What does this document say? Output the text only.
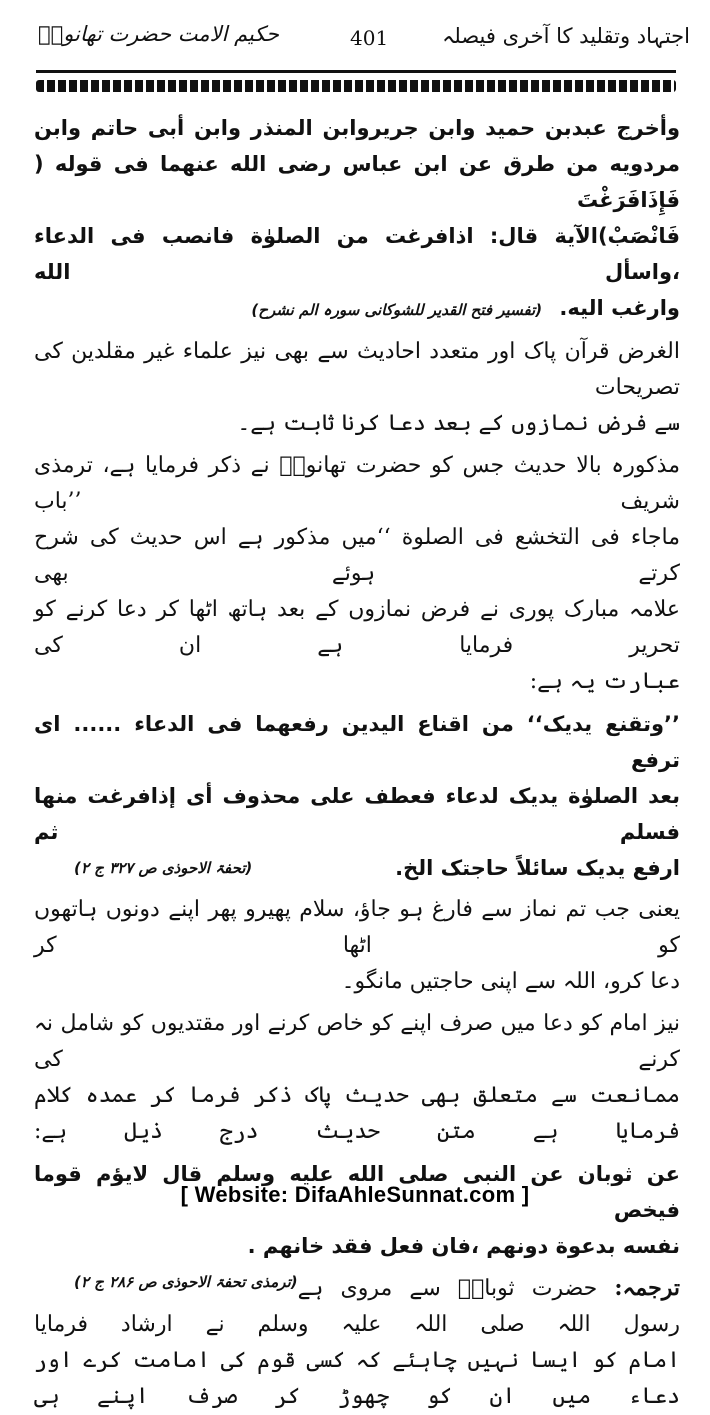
حکیم الامت حضرت تھانویؒ	401	اجتہاد وتقلید کا آخری فیصلہ

وأخرج عبدبن حميد وابن جريروابن المنذر وابن أبى حاتم وابن

مردويه من طرق عن ابن عباس رضى الله عنهما فى قوله ( فَإِذَافَرَغْتَ

فَانْصَبْ)الآية قال: اذافرغت من الصلوٰة فانصب فى الدعاء ،واسأل الله

وارغب اليه. (تفسیر فتح القدیر للشوکانی سورہ الم نشرح)

الغرض قرآن پاک اور متعدد احادیث سے بھی نیز علماء غیر مقلدین کی تصریحات

سے فرض نمازوں کے بعد دعا کرنا ثابت ہے۔

مذکورہ بالا حدیث جس کو حضرت تھانویؒ نے ذکر فرمایا ہے، ترمذی شریف ’’باب

ماجاء فى التخشع فى الصلوة ‘‘میں مذکور ہے اس حدیث کی شرح کرتے ہوئے بھی

علامہ مبارک پوری نے فرض نمازوں کے بعد ہاتھ اٹھا کر دعا کرنے کو تحریر فرمایا ہے ان کی

عبارت یہ ہے:

’’وتقنع يديک‘‘ من اقناع اليدين رفعهما فى الدعاء ...... اى ترفع

بعد الصلوٰة يديک لدعاء فعطف على محذوف أى إذافرغت منها فسلم ثم

ارفع يديک سائلاً حاجتک الخ.
(تحفۃ الاحوذی ص ۳۲۷ ج ۲)

یعنی جب تم نماز سے فارغ ہو جاؤ، سلام پھیرو پھر اپنے دونوں ہاتھوں کو اٹھا کر

دعا کرو، اللہ سے اپنی حاجتیں مانگو۔

نیز امام کو دعا میں صرف اپنے کو خاص کرنے اور مقتدیوں کو شامل نہ کرنے کی

ممانعت سے متعلق بھی حدیث پاک ذکر فرما کر عمدہ کلام فرمایا ہے متن حدیث درج ذیل ہے:

عن ثوبان عن النبى صلى الله عليه وسلم قال لايؤم قوما فيخص

نفسه بدعوة دونهم ،فان فعل فقد خانهم .
(ترمذی تحفۃ الاحوذی ص ۲۸۶ ج ۲)	ترجمہ: حضرت ثوبانؓ سے مروی ہے رسول اللہ صلی اللہ علیہ وسلم نے ارشاد فرمایا

امام کو ایسا نہیں چاہئے کہ کسی قوم کی امامت کرے اور دعاء میں ان کو چھوڑ کر صرف اپنے ہی

[ Website: DifaAhleSunnat.com ]
